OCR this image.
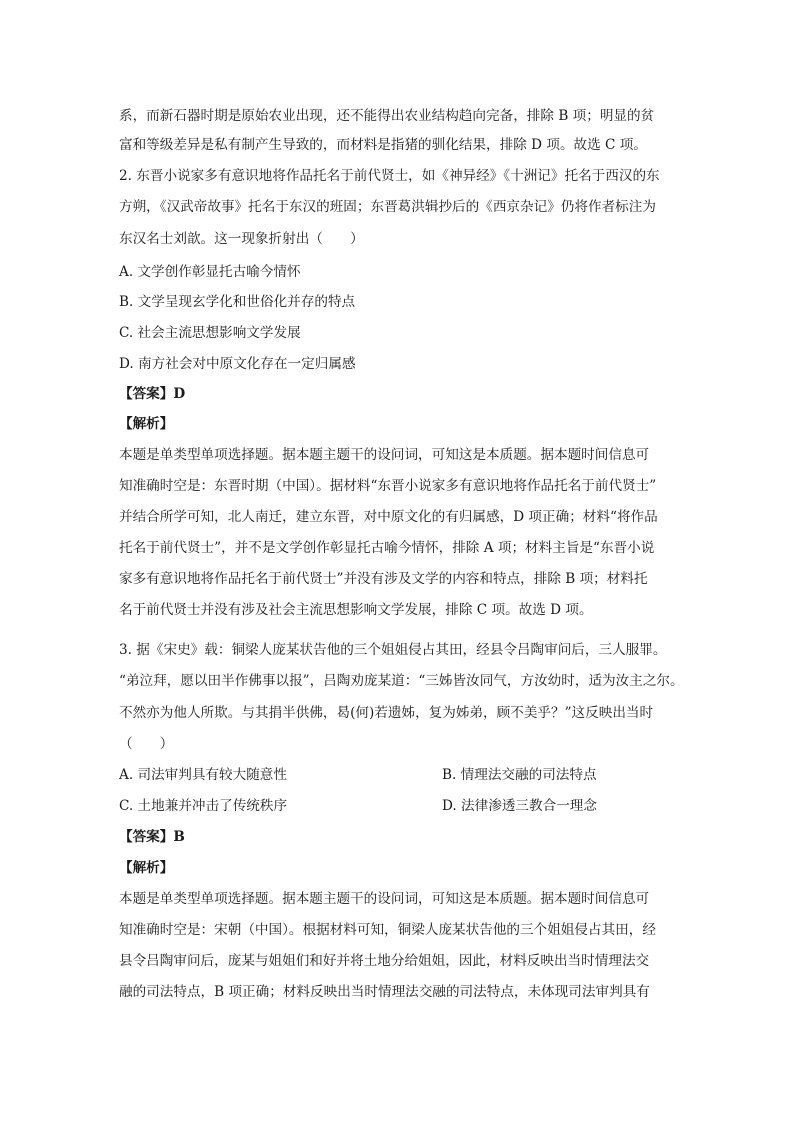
系，而新石器时期是原始农业出现，还不能得出农业结构趋向完备，排除 B 项；明显的贫
富和等级差异是私有制产生导致的，而材料是指猪的驯化结果，排除 D 项。故选 C 项。
2. 东晋小说家多有意识地将作品托名于前代贤士，如《神异经》《十洲记》托名于西汉的东
方朔，《汉武帝故事》托名于东汉的班固；东晋葛洪辑抄后的《西京杂记》仍将作者标注为
东汉名士刘歆。这一现象折射出（　　）
A. 文学创作彰显托古喻今情怀
B. 文学呈现玄学化和世俗化并存的特点
C. 社会主流思想影响文学发展
D. 南方社会对中原文化存在一定归属感
【答案】D
【解析】
本题是单类型单项选择题。据本题主题干的设问词，可知这是本质题。据本题时间信息可
知准确时空是：东晋时期（中国）。据材料“东晋小说家多有意识地将作品托名于前代贤士”
并结合所学可知，北人南迁，建立东晋，对中原文化的有归属感，D 项正确；材料“将作品
托名于前代贤士”，并不是文学创作彰显托古喻今情怀，排除 A 项；材料主旨是“东晋小说
家多有意识地将作品托名于前代贤士”并没有涉及文学的内容和特点，排除 B 项；材料托
名于前代贤士并没有涉及社会主流思想影响文学发展，排除 C 项。故选 D 项。
3. 据《宋史》载：铜梁人庞某状告他的三个姐姐侵占其田，经县令吕陶审问后，三人服罪。
“弟泣拜，愿以田半作佛事以报”，吕陶劝庞某道：“三姊皆汝同气，方汝幼时，适为汝主之尔。
不然亦为他人所欺。与其捐半供佛，曷(何)若遗姊，复为姊弟，顾不美乎？”这反映出当时
（　　）
A. 司法审判具有较大随意性	B. 情理法交融的司法特点
C. 土地兼并冲击了传统秩序	D. 法律渗透三教合一理念
【答案】B
【解析】
本题是单类型单项选择题。据本题主题干的设问词，可知这是本质题。据本题时间信息可
知准确时空是：宋朝（中国）。根据材料可知，铜梁人庞某状告他的三个姐姐侵占其田，经
县令吕陶审问后，庞某与姐姐们和好并将土地分给姐姐，因此，材料反映出当时情理法交
融的司法特点，B 项正确；材料反映出当时情理法交融的司法特点，未体现司法审判具有
